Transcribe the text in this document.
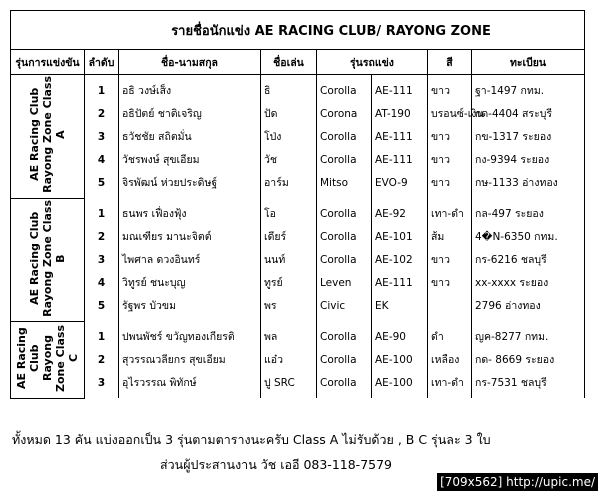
รายชื่อนักแข่ง AE RACING CLUB/ RAYONG ZONE							
รุ่นการแข่งขัน	ลำดับ	ชื่อ-นามสกุล	ชื่อเล่น	รุ่นรถแข่ง		สี	ทะเบียน
AE Racing Club
Rayong Zone Class
A	1	อธิ วงษ์เส็ง	ธิ	Corolla	AE-111	ขาว	ฐา-1497 กทม.
	2	อธิปัตย์ ชาติเจริญ	ปัด	Corona	AT-190	บรอนซ์-เงิน	กด-4404 สระบุรี
	3	ธวัชชัย สถิตมั่น	โป่ง	Corolla	AE-111	ขาว	กข-1317 ระยอง
	4	วัชรพงษ์ สุขเอียม	วัช	Corolla	AE-111	ขาว	กง-9394 ระยอง
	5	จิรพัฒน์ ห่วยประดิษฐ์	อาร์ม	Mitso	EVO-9	ขาว	กษ-1133 อ่างทอง
AE Racing Club
Rayong Zone Class
B	1	ธนพร เฟื่องฟุ้ง	โอ	Corolla	AE-92	เทา-ดำ	กล-497 ระยอง
	2	มณเฑียร มานะจิตต์	เดียร์	Corolla	AE-101	ส้ม	4�N-6350 กทม.
	3	ไพศาล ดวงอินทร์	นนท์	Corolla	AE-102	ขาว	กร-6216 ชลบุรี
	4	วิทูรย์ ชนะบุญ	ทูรย์	Leven	AE-111	ขาว	xx-xxxx ระยอง
	5	รัฐพร บัวขม	พร	Civic	EK		2796 อ่างทอง
AE Racing Club
Rayong Zone Class
C	1	ปพนพัชร์ ขวัญทองเกียรติ	พล	Corolla	AE-90	ดำ	ญค-8277 กทม.
	2	สุวรรณวลียกร สุขเอียม	แอ๋ว	Corolla	AE-100	เหลือง	กด- 8669 ระยอง
	3	อุไรวรรณ พิทักษ์	ปู SRC	Corolla	AE-100	เทา-ดำ	กร-7531 ชลบุรี
ทั้งหมด 13 คัน แบ่งออกเป็น 3 รุ่นตามตารางนะครับ Class A ไม่รับด้วย , B C รุ่นละ 3 ใบ
ส่วนผู้ประสานงาน วัช เออี 083-118-7579
[709x562] http://upic.me/
